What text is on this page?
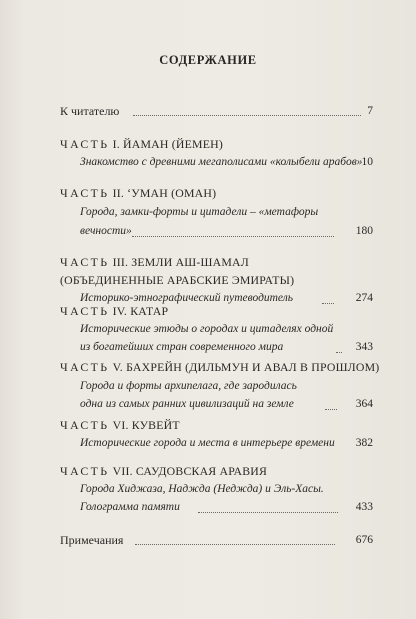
СОДЕРЖАНИЕ
К читателю	7
ЧАСТЬ I. ЙАМАН (ЙЕМЕН)
Знакомство с древними мегаполисами «колыбели арабов» 10
ЧАСТЬ II. ‘УМАН (ОМАН)
Города, замки-форты и цитадели – «метафоры
вечности»	180
ЧАСТЬ III. ЗЕМЛИ АШ-ШАМАЛ
(ОБЪЕДИНЕННЫЕ АРАБСКИЕ ЭМИРАТЫ)
Историко-этнографический путеводитель	274
ЧАСТЬ IV. КАТАР
Исторические этюды о городах и цитаделях одной
из богатейших стран современного мира	343
ЧАСТЬ V. БАХРЕЙН (ДИЛЬМУН И АВАЛ В ПРОШЛОМ)
Города и форты архипелага, где зародилась
одна из самых ранних цивилизаций на земле	364
ЧАСТЬ VI. КУВЕЙТ
Исторические города и места в интерьере времени	382
ЧАСТЬ VII. САУДОВСКАЯ АРАВИЯ
Города Хиджаза, Наджда (Неджда) и Эль-Хасы.
Голограмма памяти	433
Примечания	676
